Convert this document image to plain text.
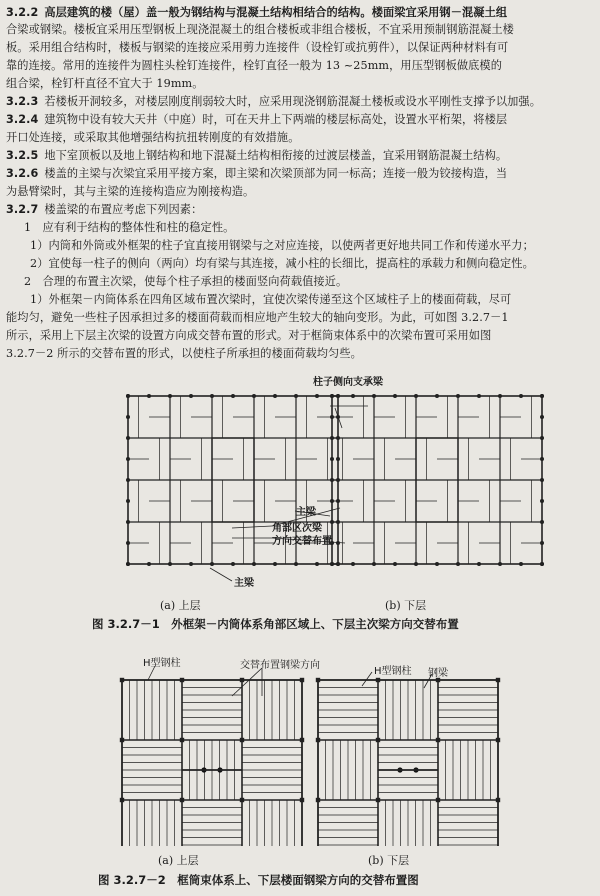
3.2.2 高层建筑的楼（屋）盖一般为钢结构与混凝土结构相结合的结构。楼面梁宜采用钢－混凝土组
合梁或钢梁。楼板宜采用压型钢板上现浇混凝土的组合楼板或非组合楼板，不宜采用预制钢筋混凝土楼
板。采用组合结构时，楼板与钢梁的连接应采用剪力连接件（设栓钉或抗剪件），以保证两种材料有可
靠的连接。常用的连接件为圆柱头栓钉连接件，栓钉直径一般为 13 ~25mm，用压型钢板做底模的
组合梁，栓钉杆直径不宜大于 19mm。
3.2.3 若楼板开洞较多，对楼层刚度削弱较大时，应采用现浇钢筋混凝土楼板或设水平刚性支撑予以加强。
3.2.4 建筑物中设有较大天井（中庭）时，可在天井上下两端的楼层标高处，设置水平桁架，将楼层
开口处连接，或采取其他增强结构抗扭转刚度的有效措施。
3.2.5 地下室顶板以及地上钢结构和地下混凝土结构相衔接的过渡层楼盖，宜采用钢筋混凝土结构。
3.2.6 楼盖的主梁与次梁宜采用平接方案，即主梁和次梁顶部为同一标高；连接一般为铰接构造，当
为悬臂梁时，其与主梁的连接构造应为刚接构造。
3.2.7 楼盖梁的布置应考虑下列因素：
1　应有利于结构的整体性和柱的稳定性。
1）内筒和外筒或外框架的柱子宜直接用钢梁与之对应连接，以使两者更好地共同工作和传递水平力；
2）宜使每一柱子的侧向（两向）均有梁与其连接，减小柱的长细比，提高柱的承载力和侧向稳定性。
2　合理的布置主次梁，使每个柱子承担的楼面竖向荷载值接近。
1）外框架－内筒体系在四角区域布置次梁时，宜使次梁传递至这个区域柱子上的楼面荷载，尽可
能均匀，避免一些柱子因承担过多的楼面荷载而相应地产生较大的轴向变形。为此，可如图 3.2.7－1
所示，采用上下层主次梁的设置方向成交替布置的形式。对于框筒束体系中的次梁布置可采用如图
3.2.7－2 所示的交替布置的形式，以使柱子所承担的楼面荷载均匀些。
柱子侧向支承梁
主梁
角部区次梁
方向交替布置
主梁
(a) 上层	(b) 下层
图 3.2.7－1　外框架－内筒体系角部区域上、下层主次梁方向交替布置
H型钢柱	交替布置钢梁方向
H型钢柱 钢梁
(a) 上层	(b) 下层
图 3.2.7－2　框筒束体系上、下层楼面钢梁方向的交替布置图
